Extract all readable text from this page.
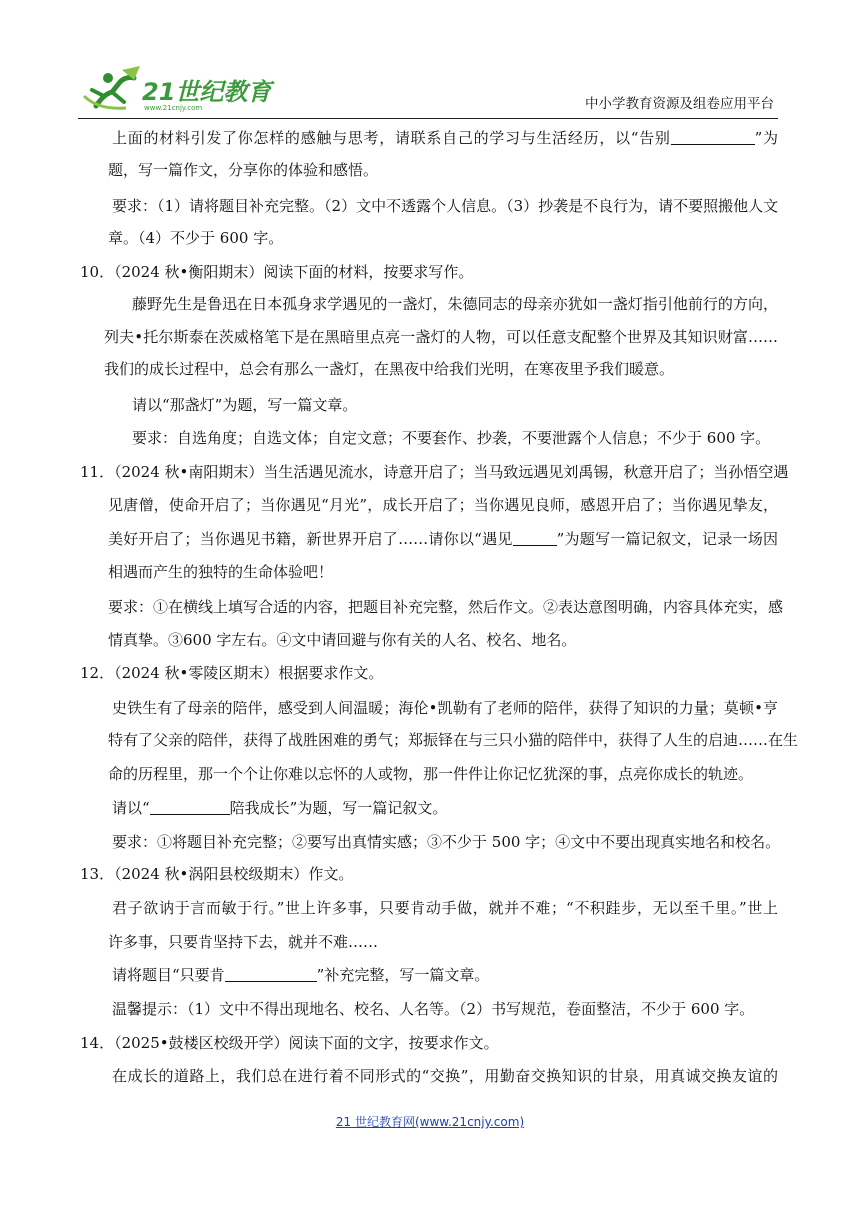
21世纪教育
www.21cnjy.com	中小学教育资源及组卷应用平台
上面的材料引发了你怎样的感触与思考，请联系自己的学习与生活经历，以“告别	”为
题，写一篇作文，分享你的体验和感悟。
要求：（1）请将题目补充完整。（2）文中不透露个人信息。（3）抄袭是不良行为，请不要照搬他人文
章。（4）不少于 600 字。
10．（2024 秋•衡阳期末）阅读下面的材料，按要求写作。
藤野先生是鲁迅在日本孤身求学遇见的一盏灯，朱德同志的母亲亦犹如一盏灯指引他前行的方向，
列夫•托尔斯泰在茨威格笔下是在黑暗里点亮一盏灯的人物，可以任意支配整个世界及其知识财富……
我们的成长过程中，总会有那么一盏灯，在黑夜中给我们光明，在寒夜里予我们暖意。
请以“那盏灯”为题，写一篇文章。
要求：自选角度；自选文体；自定文意；不要套作、抄袭，不要泄露个人信息；不少于 600 字。
11．（2024 秋•南阳期末）当生活遇见流水，诗意开启了；当马致远遇见刘禹锡，秋意开启了；当孙悟空遇
见唐僧，使命开启了；当你遇见“月光”，成长开启了；当你遇见良师，感恩开启了；当你遇见挚友，
美好开启了；当你遇见书籍，新世界开启了……请你以“遇见	”为题写一篇记叙文，记录一场因
相遇而产生的独特的生命体验吧！
要求：①在横线上填写合适的内容，把题目补充完整，然后作文。②表达意图明确，内容具体充实，感
情真挚。③600 字左右。④文中请回避与你有关的人名、校名、地名。
12．（2024 秋•零陵区期末）根据要求作文。
史铁生有了母亲的陪伴，感受到人间温暖；海伦•凯勒有了老师的陪伴，获得了知识的力量；莫顿•亨
特有了父亲的陪伴，获得了战胜困难的勇气；郑振铎在与三只小猫的陪伴中，获得了人生的启迪……在生
命的历程里，那一个个让你难以忘怀的人或物，那一件件让你记忆犹深的事，点亮你成长的轨迹。
请以“	陪我成长”为题，写一篇记叙文。
要求：①将题目补充完整；②要写出真情实感；③不少于 500 字；④文中不要出现真实地名和校名。
13．（2024 秋•涡阳县校级期末）作文。
君子欲讷于言而敏于行。”世上许多事，只要肯动手做，就并不难；“不积跬步，无以至千里。”世上
许多事，只要肯坚持下去，就并不难……
请将题目“只要肯	”补充完整，写一篇文章。
温馨提示：（1）文中不得出现地名、校名、人名等。（2）书写规范，卷面整洁，不少于 600 字。
14．（2025•鼓楼区校级开学）阅读下面的文字，按要求作文。
在成长的道路上，我们总在进行着不同形式的“交换”，用勤奋交换知识的甘泉，用真诚交换友谊的
21 世纪教育网(www.21cnjy.com)
